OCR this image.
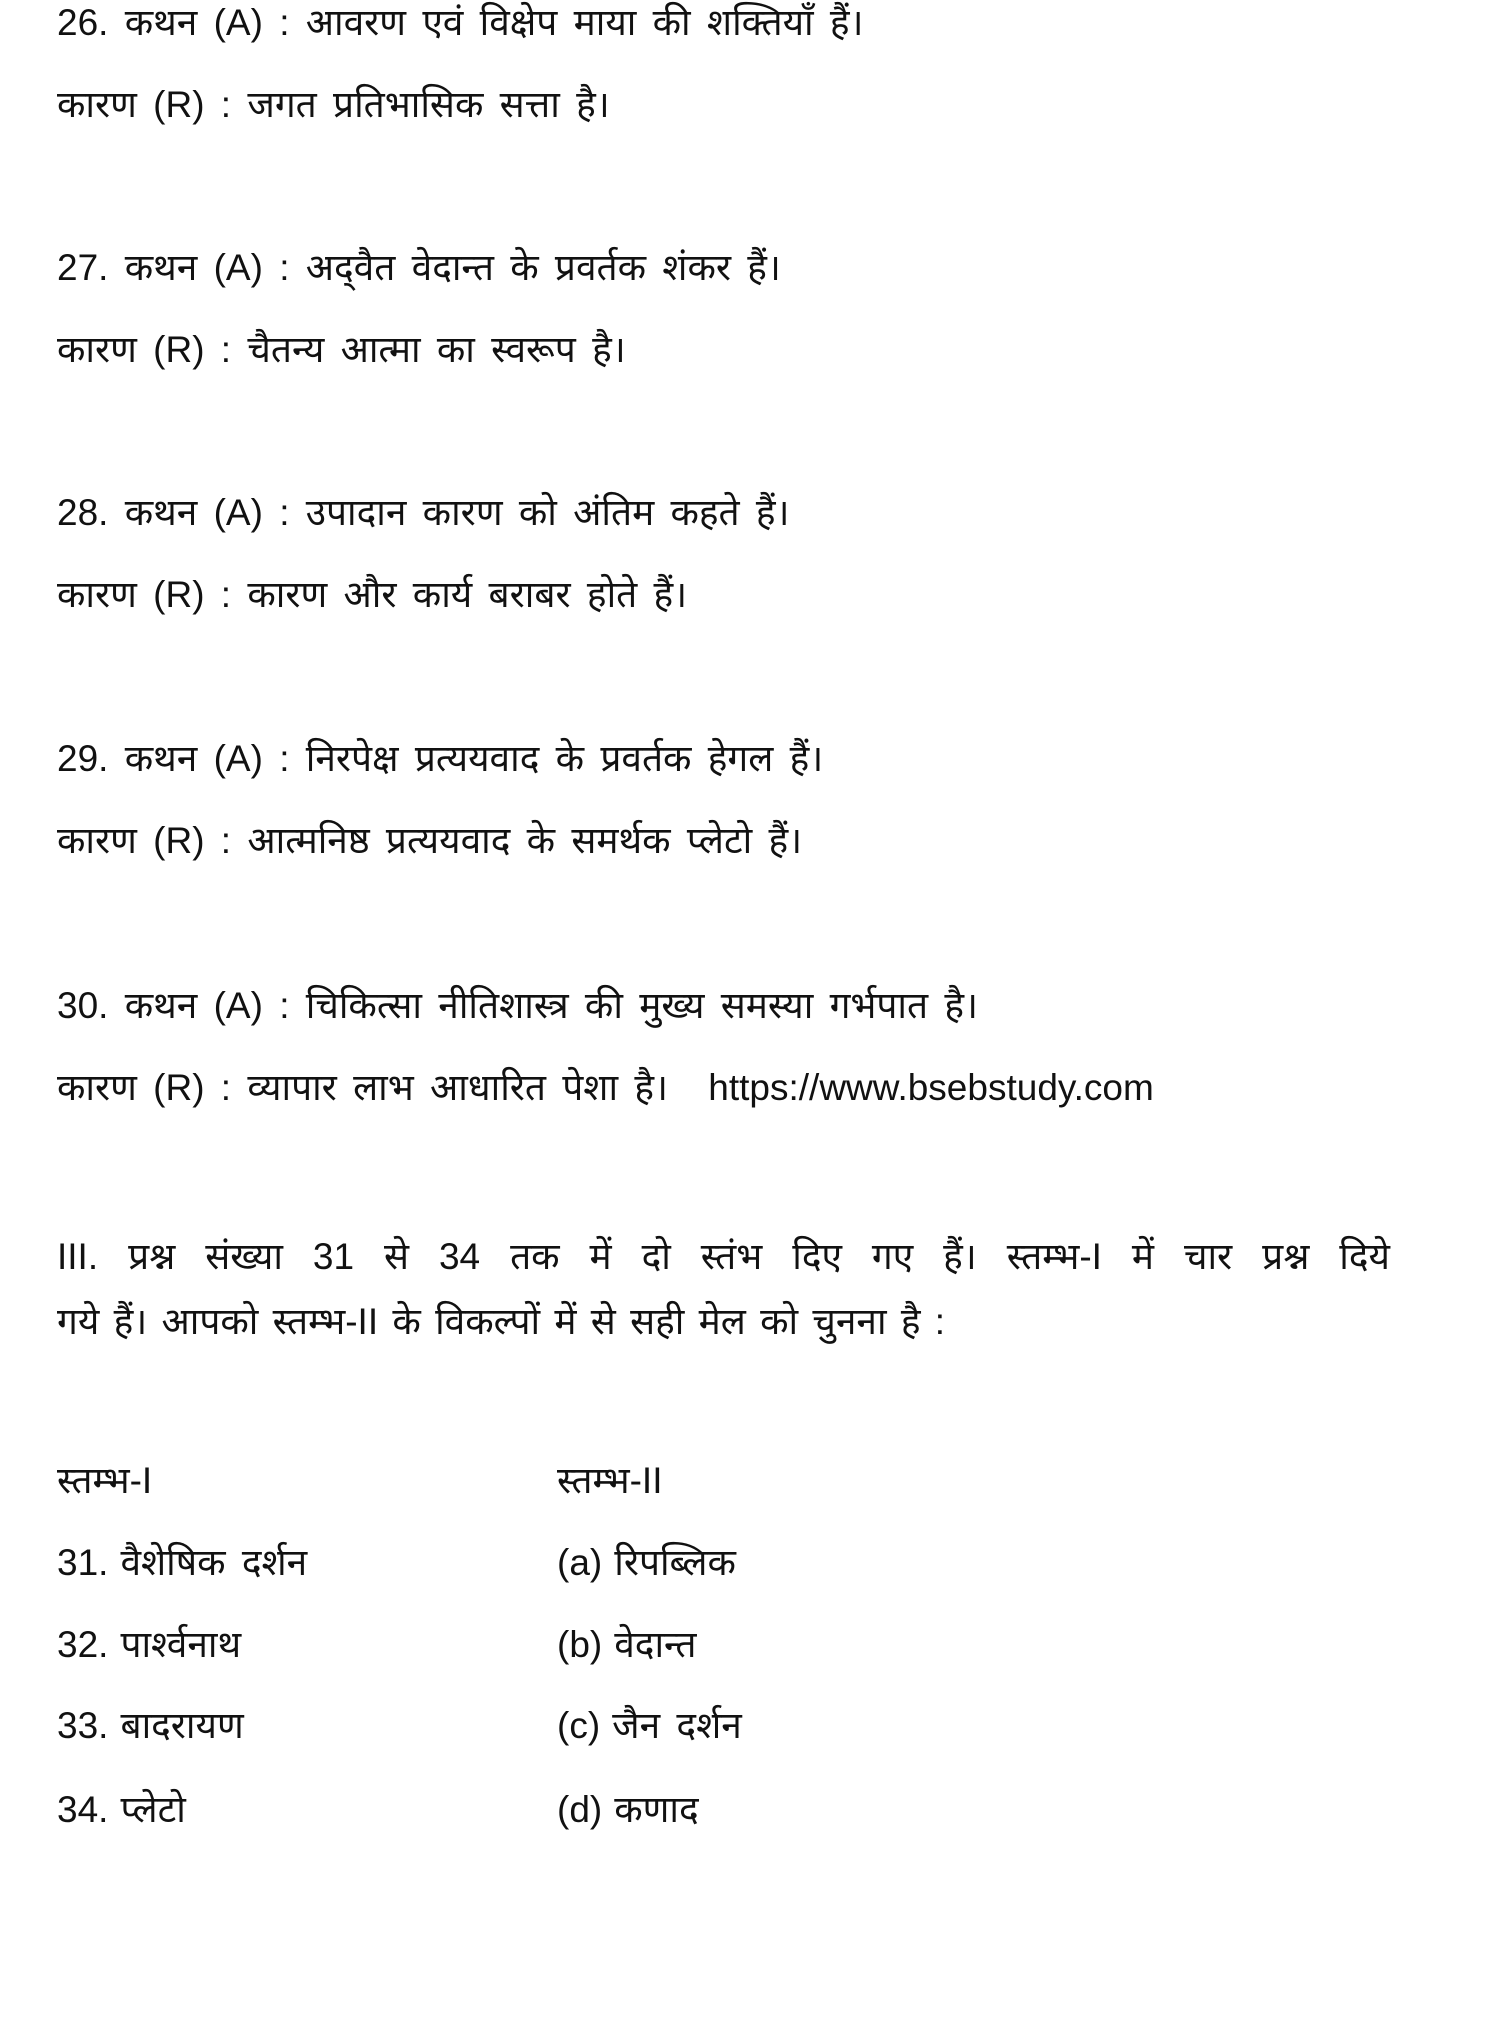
26. कथन (A) : आवरण एवं विक्षेप माया की शक्तियाँ हैं।
कारण (R) : जगत प्रतिभासिक सत्ता है।
27. कथन (A) : अद्‍वैत वेदान्त के प्रवर्तक शंकर हैं।
कारण (R) : चैतन्य आत्मा का स्वरूप है।
28. कथन (A) : उपादान कारण को अंतिम कहते हैं।
कारण (R) : कारण और कार्य बराबर होते हैं।
29. कथन (A) : निरपेक्ष प्रत्ययवाद के प्रवर्तक हेगल हैं।
कारण (R) : आत्मनिष्ठ प्रत्ययवाद के समर्थक प्लेटो हैं।
30. कथन (A) : चिकित्सा नीतिशास्त्र की मुख्य समस्या गर्भपात है।
कारण (R) : व्यापार लाभ आधारित पेशा है। https://www.bsebstudy.com
III. प्रश्न संख्या 31 से 34 तक में दो स्तंभ दिए गए हैं। स्तम्भ-I में चार प्रश्न दिये
गये हैं। आपको स्तम्भ-II के विकल्पों में से सही मेल को चुनना है :
स्तम्भ-I	स्तम्भ-II
31. वैशेषिक दर्शन	(a) रिपब्लिक
32. पार्श्वनाथ	(b) वेदान्त
33. बादरायण	(c) जैन दर्शन
34. प्लेटो	(d) कणाद
